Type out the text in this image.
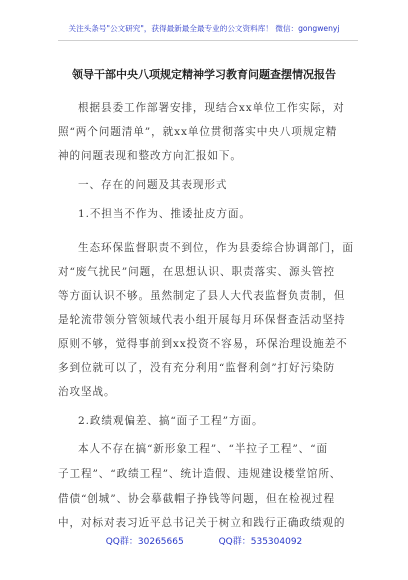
关注头条号"公文研究"，获得最新最全最专业的公文资料库！ 微信：gongwenyj
领导干部中央八项规定精神学习教育问题查摆情况报告
根据县委工作部署安排，现结合xx单位工作实际，对
照“两个问题清单”，就xx单位贯彻落实中央八项规定精
神的问题表现和整改方向汇报如下。
一、存在的问题及其表现形式
1.不担当不作为、推诿扯皮方面。
生态环保监督职责不到位，作为县委综合协调部门，面
对“废气扰民”问题，在思想认识、职责落实、源头管控
等方面认识不够。虽然制定了县人大代表监督负责制，但
是轮流带领分管领域代表小组开展每月环保督查活动坚持
原则不够，觉得事前到xx投资不容易，环保治理设施差不
多到位就可以了，没有充分利用“监督利剑”打好污染防
治攻坚战。
2.政绩观偏差、搞“面子工程”方面。
本人不存在搞“新形象工程”、“半拉子工程”、“面
子工程”、“政绩工程”、统计造假、违规建设楼堂馆所、
借债“创城”、协会摹截帽子挣钱等问题，但在检视过程
中，对标对表习近平总书记关于树立和践行正确政绩观的
QQ群：30265665	QQ群：535304092
